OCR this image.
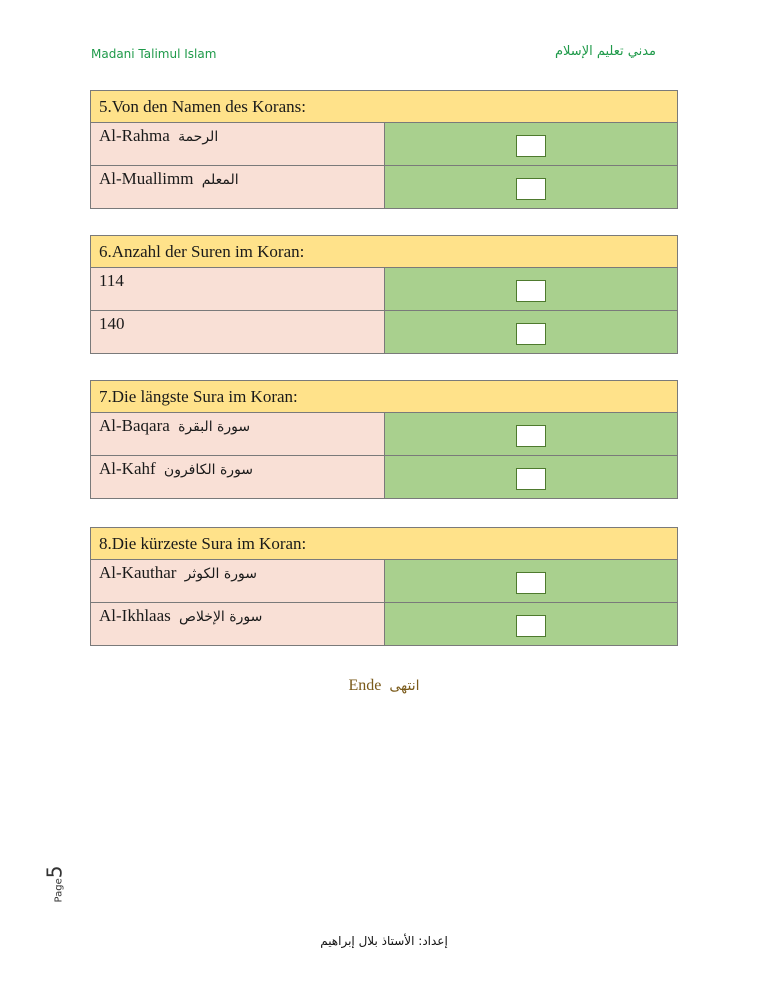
Madani Talimul Islam	مدني تعليم الإسلام
5.Von den Namen des Korans:	
Al-Rahma الرحمة	
Al-Muallimm المعلم	
6.Anzahl der Suren im Koran:	
114	
140	
7.Die längste Sura im Koran:	
Al-Baqara سورة البقرة	
Al-Kahf سورة الكافرون	
8.Die kürzeste Sura im Koran:	
Al-Kauthar سورة الكوثر	
Al-Ikhlaas سورة الإخلاص	
Ende انتهى
Page5
إعداد: الأستاذ بلال إبراهيم
